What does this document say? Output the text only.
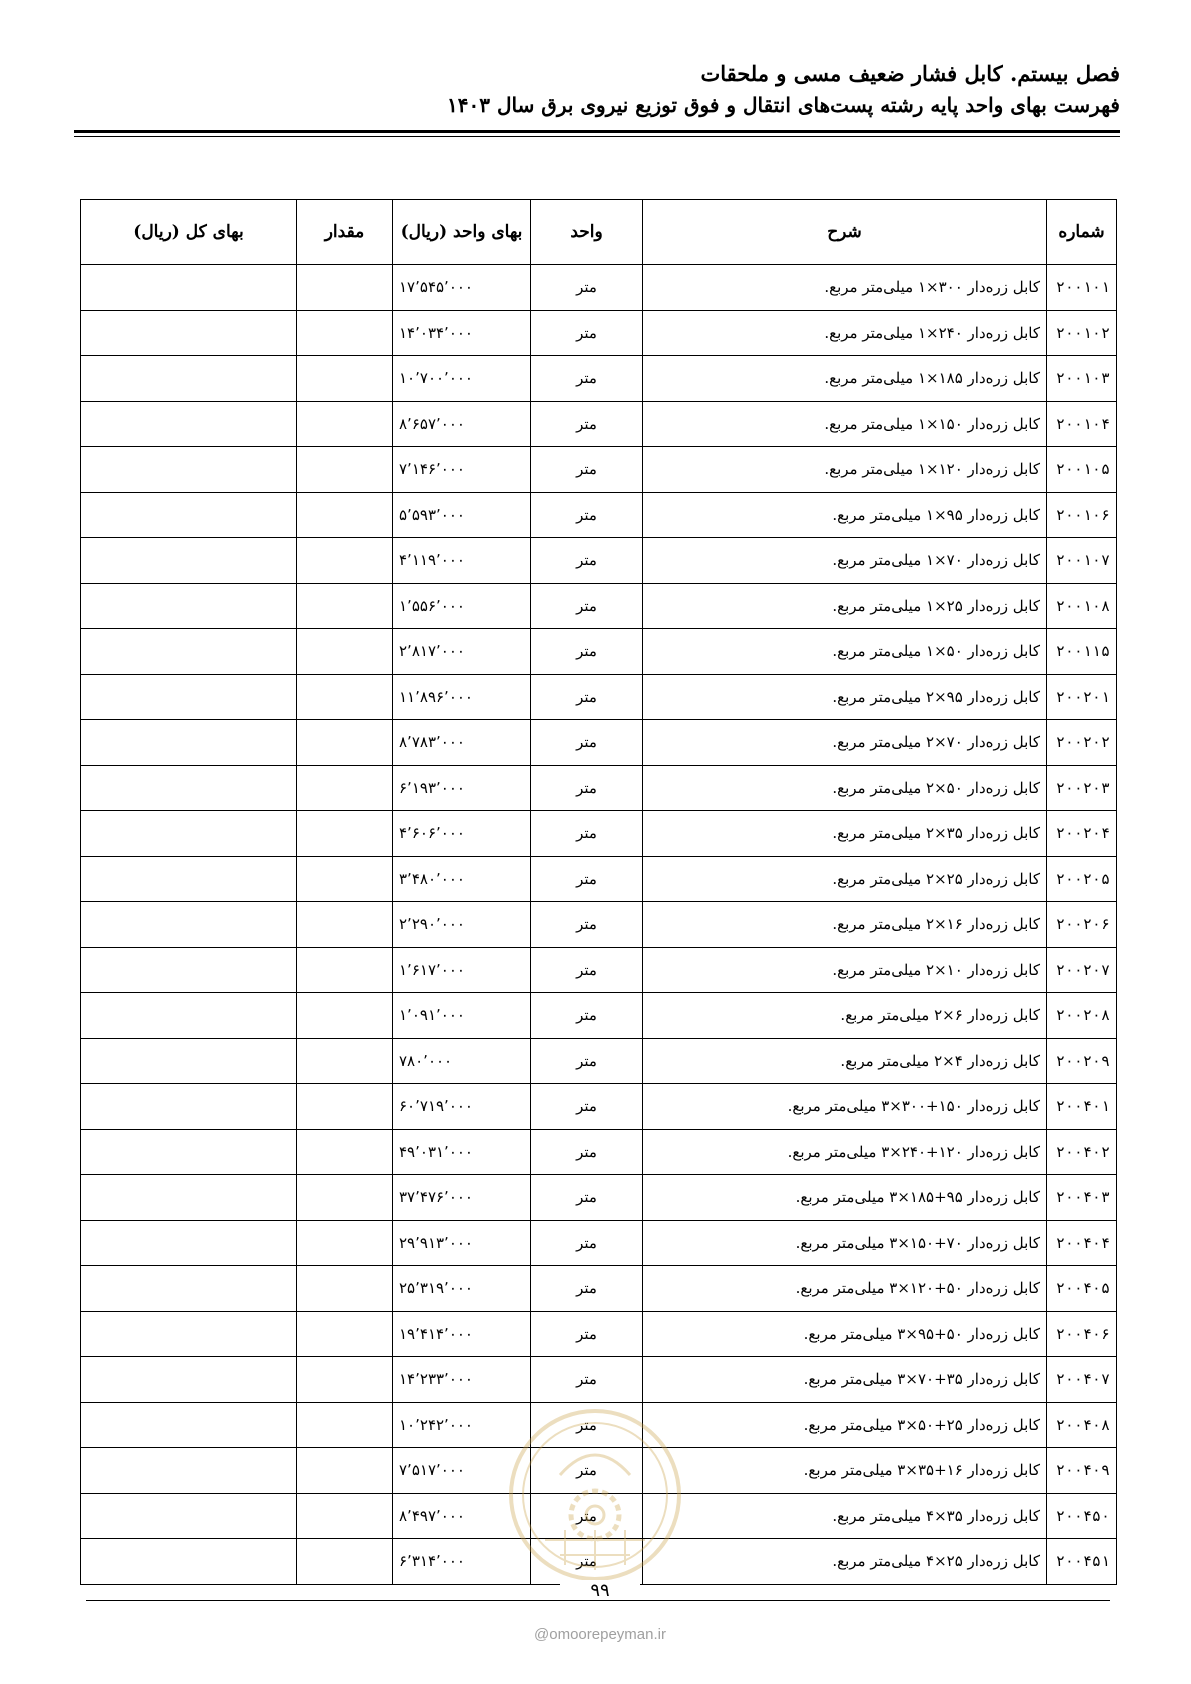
فصل بیستم. کابل فشار ضعیف مسی و ملحقات
فهرست بهای واحد پایه رشته پست‌های انتقال و فوق توزیع نیروی برق سال ۱۴۰۳
شماره	شرح	واحد	بهای واحد (ریال)	مقدار	بهای کل (ریال)
۲۰۰۱۰۱	کابل زره‌دار ۳۰۰×۱ میلی‌متر مربع.	متر	۱۷٬۵۴۵٬۰۰۰		
۲۰۰۱۰۲	کابل زره‌دار ۲۴۰×۱ میلی‌متر مربع.	متر	۱۴٬۰۳۴٬۰۰۰		
۲۰۰۱۰۳	کابل زره‌دار ۱۸۵×۱ میلی‌متر مربع.	متر	۱۰٬۷۰۰٬۰۰۰		
۲۰۰۱۰۴	کابل زره‌دار ۱۵۰×۱ میلی‌متر مربع.	متر	۸٬۶۵۷٬۰۰۰		
۲۰۰۱۰۵	کابل زره‌دار ۱۲۰×۱ میلی‌متر مربع.	متر	۷٬۱۴۶٬۰۰۰		
۲۰۰۱۰۶	کابل زره‌دار ۹۵×۱ میلی‌متر مربع.	متر	۵٬۵۹۳٬۰۰۰		
۲۰۰۱۰۷	کابل زره‌دار ۷۰×۱ میلی‌متر مربع.	متر	۴٬۱۱۹٬۰۰۰		
۲۰۰۱۰۸	کابل زره‌دار ۲۵×۱ میلی‌متر مربع.	متر	۱٬۵۵۶٬۰۰۰		
۲۰۰۱۱۵	کابل زره‌دار ۵۰×۱ میلی‌متر مربع.	متر	۲٬۸۱۷٬۰۰۰		
۲۰۰۲۰۱	کابل زره‌دار ۹۵×۲ میلی‌متر مربع.	متر	۱۱٬۸۹۶٬۰۰۰		
۲۰۰۲۰۲	کابل زره‌دار ۷۰×۲ میلی‌متر مربع.	متر	۸٬۷۸۳٬۰۰۰		
۲۰۰۲۰۳	کابل زره‌دار ۵۰×۲ میلی‌متر مربع.	متر	۶٬۱۹۳٬۰۰۰		
۲۰۰۲۰۴	کابل زره‌دار ۳۵×۲ میلی‌متر مربع.	متر	۴٬۶۰۶٬۰۰۰		
۲۰۰۲۰۵	کابل زره‌دار ۲۵×۲ میلی‌متر مربع.	متر	۳٬۴۸۰٬۰۰۰		
۲۰۰۲۰۶	کابل زره‌دار ۱۶×۲ میلی‌متر مربع.	متر	۲٬۲۹۰٬۰۰۰		
۲۰۰۲۰۷	کابل زره‌دار ۱۰×۲ میلی‌متر مربع.	متر	۱٬۶۱۷٬۰۰۰		
۲۰۰۲۰۸	کابل زره‌دار ۶×۲ میلی‌متر مربع.	متر	۱٬۰۹۱٬۰۰۰		
۲۰۰۲۰۹	کابل زره‌دار ۴×۲ میلی‌متر مربع.	متر	۷۸۰٬۰۰۰		
۲۰۰۴۰۱	کابل زره‌دار ۱۵۰+۳۰۰×۳ میلی‌متر مربع.	متر	۶۰٬۷۱۹٬۰۰۰		
۲۰۰۴۰۲	کابل زره‌دار ۱۲۰+۲۴۰×۳ میلی‌متر مربع.	متر	۴۹٬۰۳۱٬۰۰۰		
۲۰۰۴۰۳	کابل زره‌دار ۹۵+۱۸۵×۳ میلی‌متر مربع.	متر	۳۷٬۴۷۶٬۰۰۰		
۲۰۰۴۰۴	کابل زره‌دار ۷۰+۱۵۰×۳ میلی‌متر مربع.	متر	۲۹٬۹۱۳٬۰۰۰		
۲۰۰۴۰۵	کابل زره‌دار ۵۰+۱۲۰×۳ میلی‌متر مربع.	متر	۲۵٬۳۱۹٬۰۰۰		
۲۰۰۴۰۶	کابل زره‌دار ۵۰+۹۵×۳ میلی‌متر مربع.	متر	۱۹٬۴۱۴٬۰۰۰		
۲۰۰۴۰۷	کابل زره‌دار ۳۵+۷۰×۳ میلی‌متر مربع.	متر	۱۴٬۲۳۳٬۰۰۰		
۲۰۰۴۰۸	کابل زره‌دار ۲۵+۵۰×۳ میلی‌متر مربع.	متر	۱۰٬۲۴۲٬۰۰۰		
۲۰۰۴۰۹	کابل زره‌دار ۱۶+۳۵×۳ میلی‌متر مربع.	متر	۷٬۵۱۷٬۰۰۰		
۲۰۰۴۵۰	کابل زره‌دار ۳۵×۴ میلی‌متر مربع.	متر	۸٬۴۹۷٬۰۰۰		
۲۰۰۴۵۱	کابل زره‌دار ۲۵×۴ میلی‌متر مربع.	متر	۶٬۳۱۴٬۰۰۰		
۹۹
@omoorepeyman.ir
